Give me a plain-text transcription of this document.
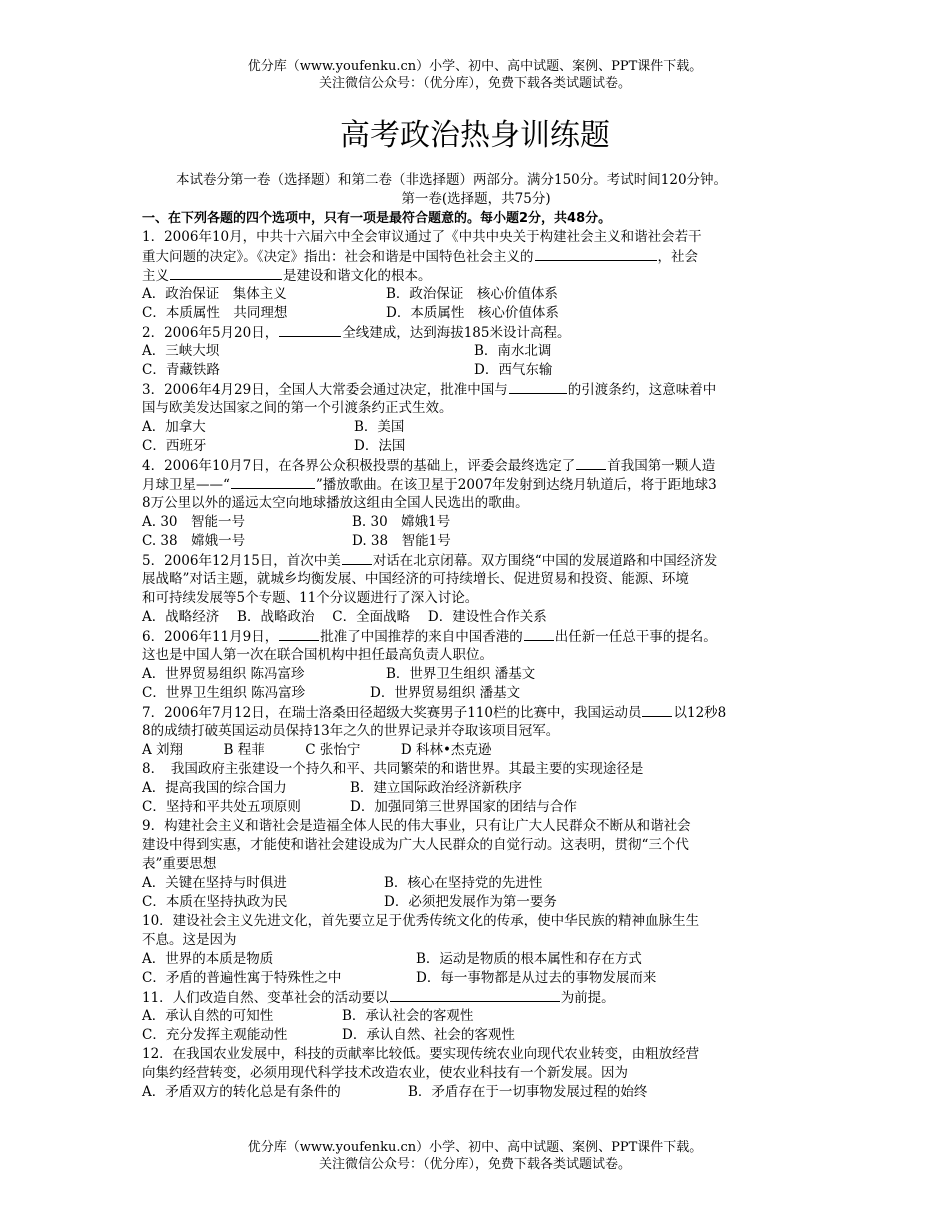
优分库（www.youfenku.cn）小学、初中、高中试题、案例、PPT课件下载。
关注微信公众号：（优分库），免费下载各类试题试卷。
高考政治热身训练题
本试卷分第一卷（选择题）和第二卷（非选择题）两部分。满分150分。考试时间120分钟。
第一卷(选择题，共75分)
一、在下列各题的四个选项中，只有一项是最符合题意的。每小题2分，共48分。
1．2006年10月，中共十六届六中全会审议通过了《中共中央关于构建社会主义和谐社会若干
重大问题的决定》。《决定》指出：社会和谐是中国特色社会主义的	，社会
主义	是建设和谐文化的根本。
A．政治保证　集体主义	B．政治保证　核心价值体系
C．本质属性　共同理想	D．本质属性　核心价值体系
2．2006年5月20日，	全线建成，达到海拔185米设计高程。
A．三峡大坝	B．南水北调
C．青藏铁路	D．西气东输
3．2006年4月29日，全国人大常委会通过决定，批准中国与	的引渡条约，这意味着中
国与欧美发达国家之间的第一个引渡条约正式生效。
A．加拿大	B．美国
C．西班牙	D．法国
4．2006年10月7日，在各界公众积极投票的基础上，评委会最终选定了 首我国第一颗人造
月球卫星——“	”播放歌曲。在该卫星于2007年发射到达绕月轨道后，将于距地球3
8万公里以外的遥远太空向地球播放这组由全国人民选出的歌曲。
A. 30　智能一号	B. 30　嫦娥1号
C. 38　嫦娥一号	D. 38　智能1号
5．2006年12月15日，首次中美 对话在北京闭幕。双方围绕“中国的发展道路和中国经济发
展战略”对话主题，就城乡均衡发展、中国经济的可持续增长、促进贸易和投资、能源、环境
和可持续发展等5个专题、11个分议题进行了深入讨论。
A．战略经济　 B．战略政治　 C．全面战略　 D．建设性合作关系
6．2006年11月9日，	批准了中国推荐的来自中国香港的 出任新一任总干事的提名。
这也是中国人第一次在联合国机构中担任最高负责人职位。
A．世界贸易组织 陈冯富珍	B．世界卫生组织 潘基文
C．世界卫生组织 陈冯富珍	D．世界贸易组织 潘基文
7．2006年7月12日，在瑞士洛桑田径超级大奖赛男子110栏的比赛中，我国运动员 以12秒8
8的成绩打破英国运动员保持13年之久的世界记录并夺取该项目冠军。
A 刘翔　　　B 程菲　　　C 张怡宁　　　D 科林•杰克逊
8．　我国政府主张建设一个持久和平、共同繁荣的和谐世界。其最主要的实现途径是
A．提高我国的综合国力	B．建立国际政治经济新秩序
C．坚持和平共处五项原则	D．加强同第三世界国家的团结与合作
9．构建社会主义和谐社会是造福全体人民的伟大事业，只有让广大人民群众不断从和谐社会
建设中得到实惠，才能使和谐社会建设成为广大人民群众的自觉行动。这表明，贯彻“三个代
表”重要思想
A．关键在坚持与时俱进	B．核心在坚持党的先进性
C．本质在坚持执政为民	D．必须把发展作为第一要务
10．建设社会主义先进文化，首先要立足于优秀传统文化的传承，使中华民族的精神血脉生生
不息。这是因为
A．世界的本质是物质	B．运动是物质的根本属性和存在方式
C．矛盾的普遍性寓于特殊性之中	D．每一事物都是从过去的事物发展而来
11．人们改造自然、变革社会的活动要以	为前提。
A．承认自然的可知性	B．承认社会的客观性
C．充分发挥主观能动性	D．承认自然、社会的客观性
12．在我国农业发展中，科技的贡献率比较低。要实现传统农业向现代农业转变，由粗放经营
向集约经营转变，必须用现代科学技术改造农业，使农业科技有一个新发展。因为
A．矛盾双方的转化总是有条件的	B．矛盾存在于一切事物发展过程的始终
优分库（www.youfenku.cn）小学、初中、高中试题、案例、PPT课件下载。
关注微信公众号：（优分库），免费下载各类试题试卷。
